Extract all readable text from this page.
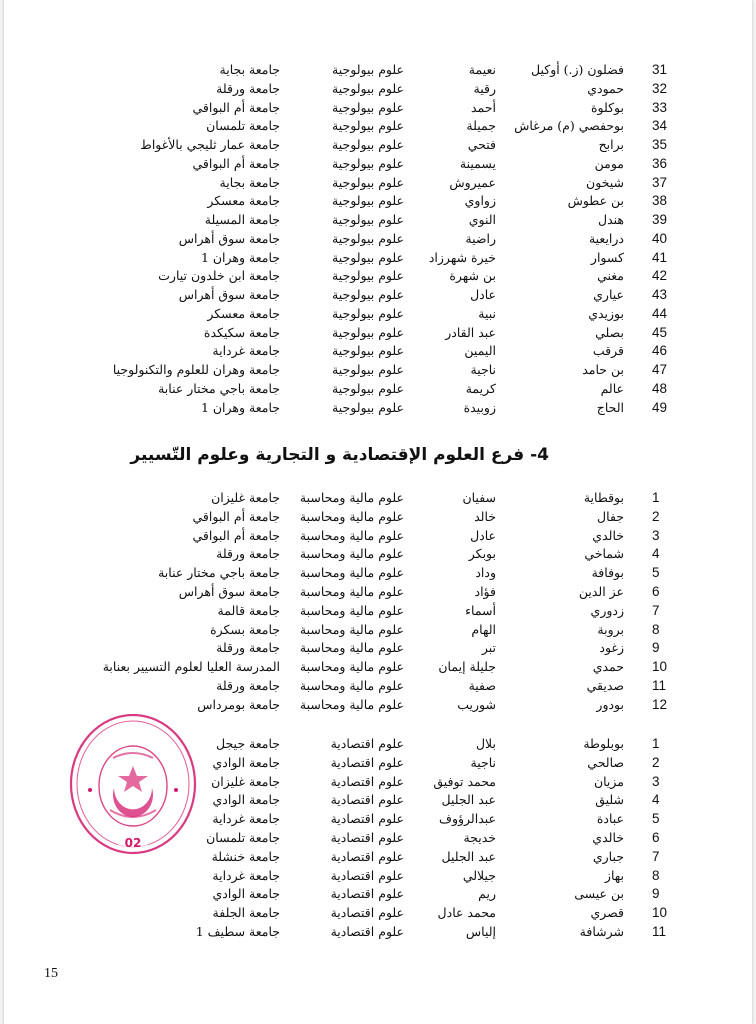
31
فضلون (ز.) أوكيل
نعيمة
علوم بيولوجية
جامعة بجاية
32
حمودي
رقية
علوم بيولوجية
جامعة ورقلة
33
بوكلوة
أحمد
علوم بيولوجية
جامعة أم البواقي
34
بوحفصي (م) مرغاش
جميلة
علوم بيولوجية
جامعة تلمسان
35
برابح
فتحي
علوم بيولوجية
جامعة عمار ثليجي بالأغواط
36
مومن
يسمينة
علوم بيولوجية
جامعة أم البواقي
37
شيخون
عميروش
علوم بيولوجية
جامعة بجاية
38
بن عطوش
زواوي
علوم بيولوجية
جامعة معسكر
39
هندل
النوي
علوم بيولوجية
جامعة المسيلة
40
درايعية
راضية
علوم بيولوجية
جامعة سوق أهراس
41
كسوار
خيرة شهرزاد
علوم بيولوجية
جامعة وهران 1
42
مغني
بن شهرة
علوم بيولوجية
جامعة ابن خلدون تيارت
43
عياري
عادل
علوم بيولوجية
جامعة سوق أهراس
44
بوزيدي
نبية
علوم بيولوجية
جامعة معسكر
45
بصلي
عبد القادر
علوم بيولوجية
جامعة سكيكدة
46
قرقب
اليمين
علوم بيولوجية
جامعة غرداية
47
بن حامد
ناجية
علوم بيولوجية
جامعة وهران للعلوم والتكنولوجيا
48
عالم
كريمة
علوم بيولوجية
جامعة باجي مختار عنابة
49
الحاج
زوبيدة
علوم بيولوجية
جامعة وهران 1
4- فرع العلوم الإقتصادية و التجارية وعلوم التّسيير
1
بوقطاية
سفيان
علوم مالية ومحاسبة
جامعة غليزان
2
جفال
خالد
علوم مالية ومحاسبة
جامعة أم البواقي
3
خالدي
عادل
علوم مالية ومحاسبة
جامعة أم البواقي
4
شماخي
بوبكر
علوم مالية ومحاسبة
جامعة ورقلة
5
بوفافة
وداد
علوم مالية ومحاسبة
جامعة باجي مختار عنابة
6
عز الدين
فؤاد
علوم مالية ومحاسبة
جامعة سوق أهراس
7
زدوري
أسماء
علوم مالية ومحاسبة
جامعة قالمة
8
بروبة
الهام
علوم مالية ومحاسبة
جامعة بسكرة
9
زغود
تبر
علوم مالية ومحاسبة
جامعة ورقلة
10
حمدي
جليلة إيمان
علوم مالية ومحاسبة
المدرسة العليا لعلوم التسيير بعنابة
11
صديقي
صفية
علوم مالية ومحاسبة
جامعة ورقلة
12
بودور
شوريب
علوم مالية ومحاسبة
جامعة بومرداس
1
بوبلوطة
بلال
علوم اقتصادية
جامعة جيجل
2
صالحي
ناجية
علوم اقتصادية
جامعة الوادي
3
مزيان
محمد توفيق
علوم اقتصادية
جامعة غليزان
4
شليق
عبد الجليل
علوم اقتصادية
جامعة الوادي
5
عبادة
عبدالرؤوف
علوم اقتصادية
جامعة غرداية
6
خالدي
خديجة
علوم اقتصادية
جامعة تلمسان
7
جباري
عبد الجليل
علوم اقتصادية
جامعة خنشلة
8
بهاز
جيلالي
علوم اقتصادية
جامعة غرداية
9
بن عيسى
ريم
علوم اقتصادية
جامعة الوادي
10
قصري
محمد عادل
علوم اقتصادية
جامعة الجلفة
11
شرشافة
إلياس
علوم اقتصادية
جامعة سطيف 1
02
15
